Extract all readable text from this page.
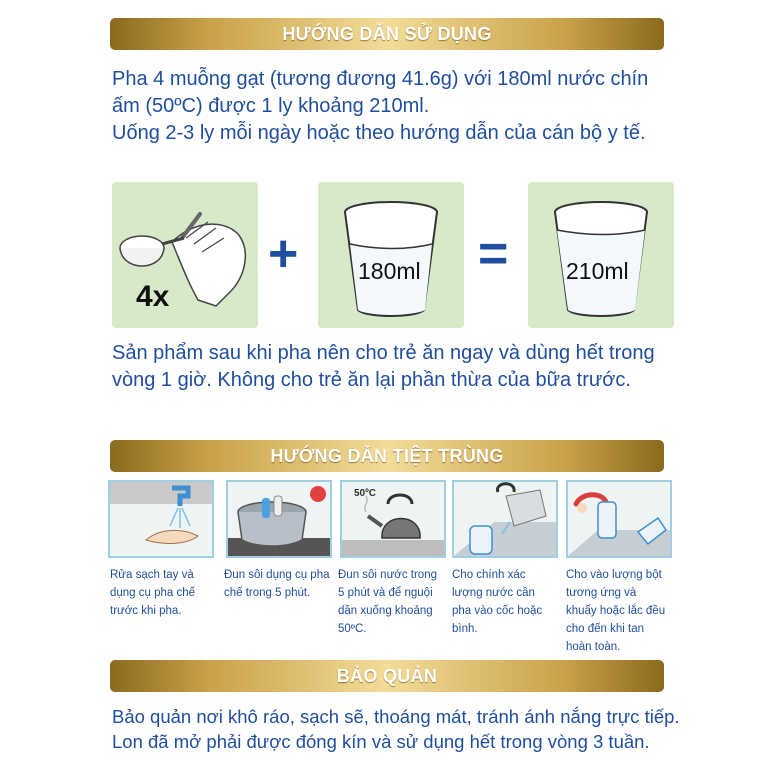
HƯỚNG DẪN SỬ DỤNG

Pha 4 muỗng gạt (tương đương 41.6g) với 180ml nước chín ấm (50ºC) được 1 ly khoảng 210ml.

Uống 2-3 ly mỗi ngày hoặc theo hướng dẫn của cán bộ y tế.

4x
+	180ml =	210ml

Sản phẩm sau khi pha nên cho trẻ ăn ngay và dùng hết trong vòng 1 giờ. Không cho trẻ ăn lại phần thừa của bữa trước.

HƯỚNG DẪN TIỆT TRÙNG
50ºC

Rửa sạch tay và dụng cụ pha chế trước khi pha.

Đun sôi dụng cụ pha chế trong 5 phút.

Đun sôi nước trong 5 phút và để nguội dần xuống khoảng 50ºC.

Cho chính xác lượng nước cần pha vào cốc hoặc bình.

Cho vào lượng bột tương ứng và khuấy hoặc lắc đều cho đến khi tan hoàn toàn.

BẢO QUẢN

Bảo quản nơi khô ráo, sạch sẽ, thoáng mát, tránh ánh nắng trực tiếp. Lon đã mở phải được đóng kín và sử dụng hết trong vòng 3 tuần.
